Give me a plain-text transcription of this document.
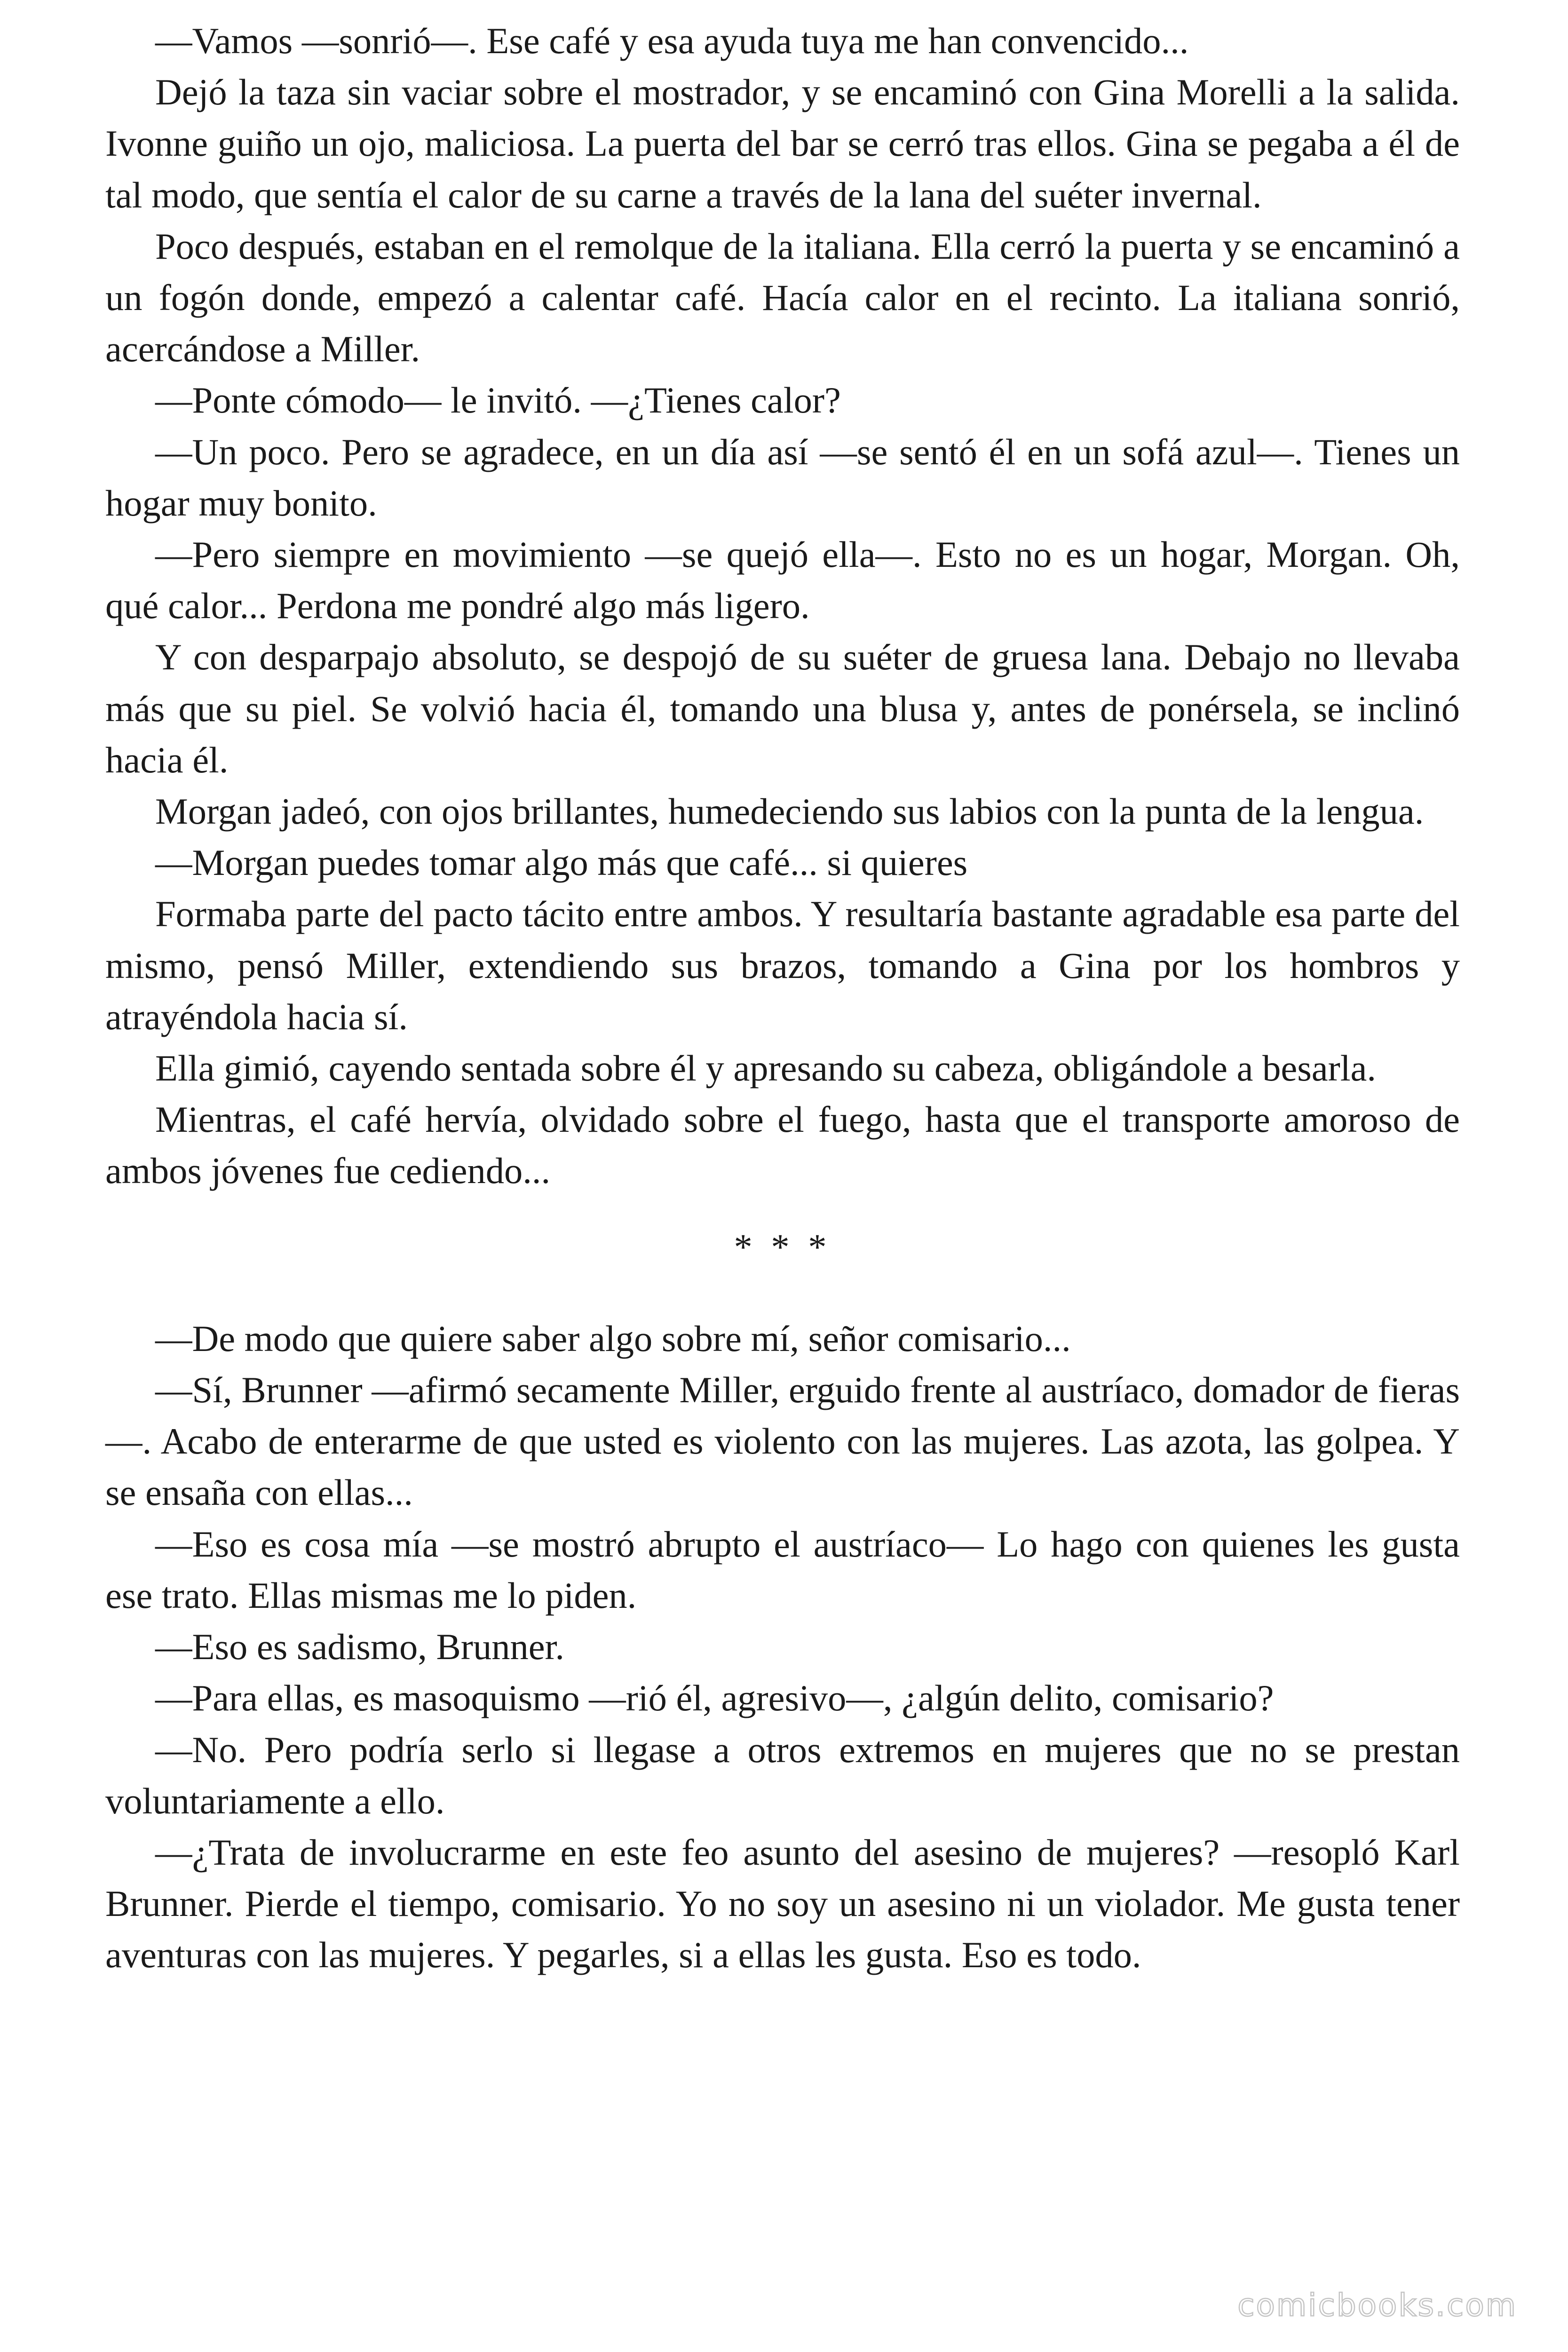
—Vamos —sonrió—. Ese café y esa ayuda tuya me han convencido...

Dejó la taza sin vaciar sobre el mostrador, y se encaminó con Gina Morelli a la salida. Ivonne guiño un ojo, maliciosa. La puerta del bar se cerró tras ellos. Gina se pegaba a él de tal modo, que sentía el calor de su carne a través de la lana del suéter invernal.

Poco después, estaban en el remolque de la italiana. Ella cerró la puerta y se encaminó a un fogón donde, empezó a calentar café. Hacía calor en el recinto. La italiana sonrió, acercándose a Miller.

—Ponte cómodo— le invitó. —¿Tienes calor?

—Un poco. Pero se agradece, en un día así —se sentó él en un sofá azul—. Tienes un hogar muy bonito.

—Pero siempre en movimiento —se quejó ella—. Esto no es un hogar, Morgan. Oh, qué calor... Perdona me pondré algo más ligero.

Y con desparpajo absoluto, se despojó de su suéter de gruesa lana. Debajo no llevaba más que su piel. Se volvió hacia él, tomando una blusa y, antes de ponérsela, se inclinó hacia él.

Morgan jadeó, con ojos brillantes, humedeciendo sus labios con la punta de la lengua.

—Morgan puedes tomar algo más que café... si quieres

Formaba parte del pacto tácito entre ambos. Y resultaría bastante agradable esa parte del mismo, pensó Miller, extendiendo sus brazos, tomando a Gina por los hombros y atrayéndola hacia sí.

Ella gimió, cayendo sentada sobre él y apresando su cabeza, obligándole a besarla.

Mientras, el café hervía, olvidado sobre el fuego, hasta que el transporte amoroso de ambos jóvenes fue cediendo...

* * *

—De modo que quiere saber algo sobre mí, señor comisario...

—Sí, Brunner —afirmó secamente Miller, erguido frente al austríaco, domador de fieras—. Acabo de enterarme de que usted es violento con las mujeres. Las azota, las golpea. Y se ensaña con ellas...

—Eso es cosa mía —se mostró abrupto el austríaco— Lo hago con quienes les gusta ese trato. Ellas mismas me lo piden.

—Eso es sadismo, Brunner.

—Para ellas, es masoquismo —rió él, agresivo—, ¿algún delito, comisario?

—No. Pero podría serlo si llegase a otros extremos en mujeres que no se prestan voluntariamente a ello.

—¿Trata de involucrarme en este feo asunto del asesino de mujeres? —resopló Karl Brunner. Pierde el tiempo, comisario. Yo no soy un asesino ni un violador. Me gusta tener aventuras con las mujeres. Y pegarles, si a ellas les gusta. Eso es todo.

comicbooks.com
